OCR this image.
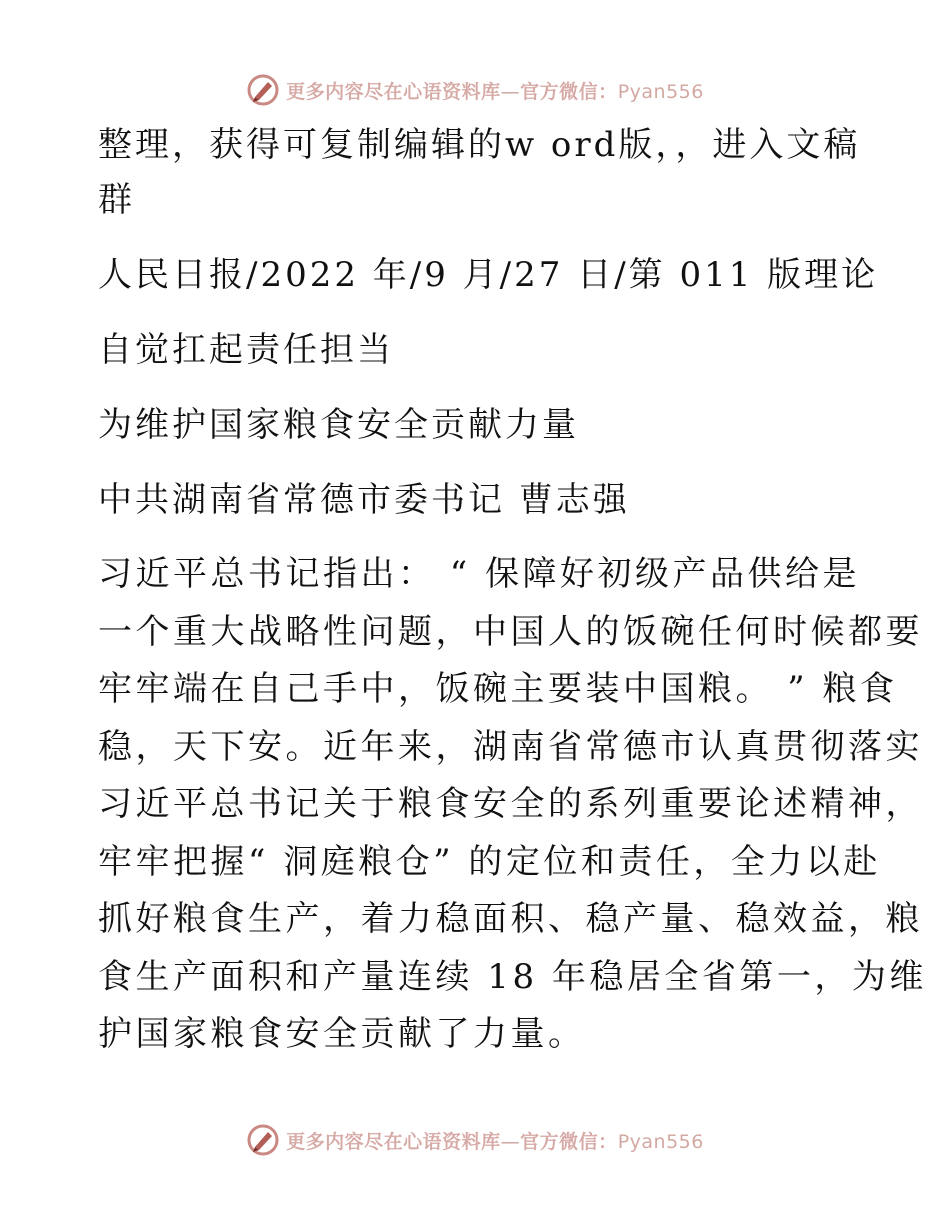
更多内容尽在心语资料库—官方微信：Pyan556

整理，获得可复制编辑的w ord版，，进入文稿

群

人民日报/2022 年/9 月/27 日/第 011 版理论

自觉扛起责任担当

为维护国家粮食安全贡献力量

中共湖南省常德市委书记 曹志强

习近平总书记指出： “ 保障好初级产品供给是
一个重大战略性问题，中国人的饭碗任何时候都要
牢牢端在自己手中，饭碗主要装中国粮。 ” 粮食
稳，天下安。近年来，湖南省常德市认真贯彻落实
习近平总书记关于粮食安全的系列重要论述精神，
牢牢把握“ 洞庭粮仓” 的定位和责任，全力以赴
抓好粮食生产，着力稳面积、稳产量、稳效益，粮
食生产面积和产量连续 18 年稳居全省第一，为维
护国家粮食安全贡献了力量。

更多内容尽在心语资料库—官方微信：Pyan556
